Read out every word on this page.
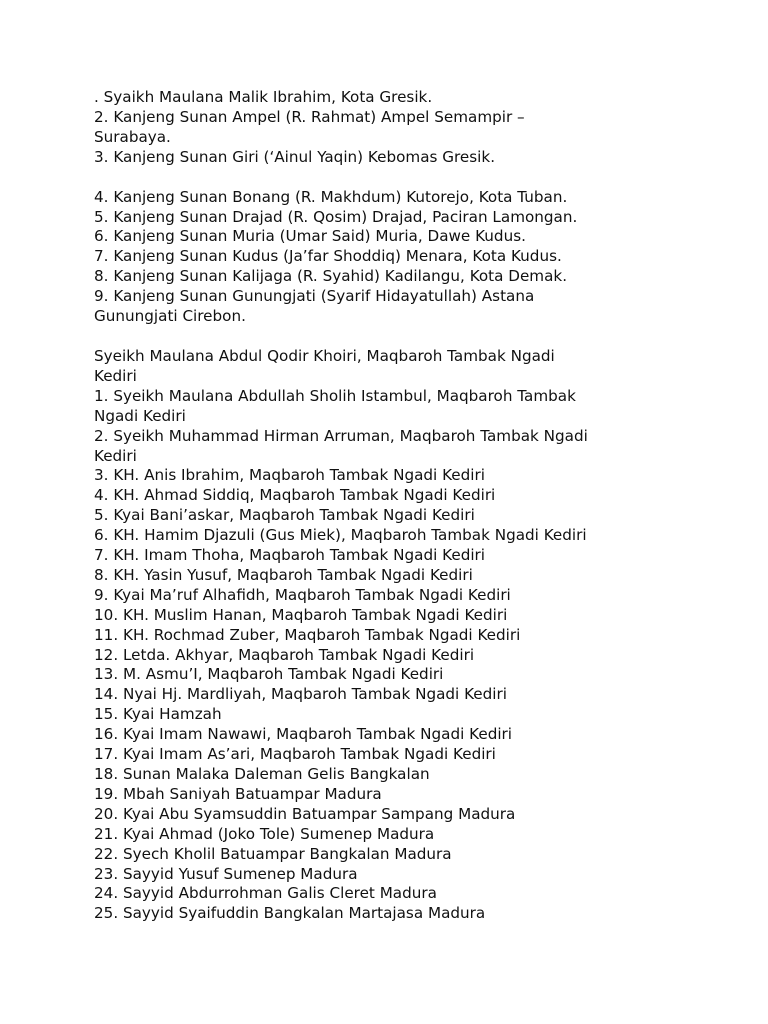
. Syaikh Maulana Malik Ibrahim, Kota Gresik.

2. Kanjeng Sunan Ampel (R. Rahmat) Ampel Semampir –

Surabaya.

3. Kanjeng Sunan Giri (‘Ainul Yaqin) Kebomas Gresik.

4. Kanjeng Sunan Bonang (R. Makhdum) Kutorejo, Kota Tuban.

5. Kanjeng Sunan Drajad (R. Qosim) Drajad, Paciran Lamongan.

6. Kanjeng Sunan Muria (Umar Said) Muria, Dawe Kudus.

7. Kanjeng Sunan Kudus (Ja’far Shoddiq) Menara, Kota Kudus.

8. Kanjeng Sunan Kalijaga (R. Syahid) Kadilangu, Kota Demak.

9. Kanjeng Sunan Gunungjati (Syarif Hidayatullah) Astana

Gunungjati Cirebon.

Syeikh Maulana Abdul Qodir Khoiri, Maqbaroh Tambak Ngadi

Kediri

1. Syeikh Maulana Abdullah Sholih Istambul, Maqbaroh Tambak

Ngadi Kediri

2. Syeikh Muhammad Hirman Arruman, Maqbaroh Tambak Ngadi

Kediri

3. KH. Anis Ibrahim, Maqbaroh Tambak Ngadi Kediri

4. KH. Ahmad Siddiq, Maqbaroh Tambak Ngadi Kediri

5. Kyai Bani’askar, Maqbaroh Tambak Ngadi Kediri

6. KH. Hamim Djazuli (Gus Miek), Maqbaroh Tambak Ngadi Kediri

7. KH. Imam Thoha, Maqbaroh Tambak Ngadi Kediri

8. KH. Yasin Yusuf, Maqbaroh Tambak Ngadi Kediri

9. Kyai Ma’ruf Alhafidh, Maqbaroh Tambak Ngadi Kediri

10. KH. Muslim Hanan, Maqbaroh Tambak Ngadi Kediri

11. KH. Rochmad Zuber, Maqbaroh Tambak Ngadi Kediri

12. Letda. Akhyar, Maqbaroh Tambak Ngadi Kediri

13. M. Asmu’I, Maqbaroh Tambak Ngadi Kediri

14. Nyai Hj. Mardliyah, Maqbaroh Tambak Ngadi Kediri

15. Kyai Hamzah

16. Kyai Imam Nawawi, Maqbaroh Tambak Ngadi Kediri

17. Kyai Imam As’ari, Maqbaroh Tambak Ngadi Kediri

18. Sunan Malaka Daleman Gelis Bangkalan

19. Mbah Saniyah Batuampar Madura

20. Kyai Abu Syamsuddin Batuampar Sampang Madura

21. Kyai Ahmad (Joko Tole) Sumenep Madura

22. Syech Kholil Batuampar Bangkalan Madura

23. Sayyid Yusuf Sumenep Madura

24. Sayyid Abdurrohman Galis Cleret Madura

25. Sayyid Syaifuddin Bangkalan Martajasa Madura
